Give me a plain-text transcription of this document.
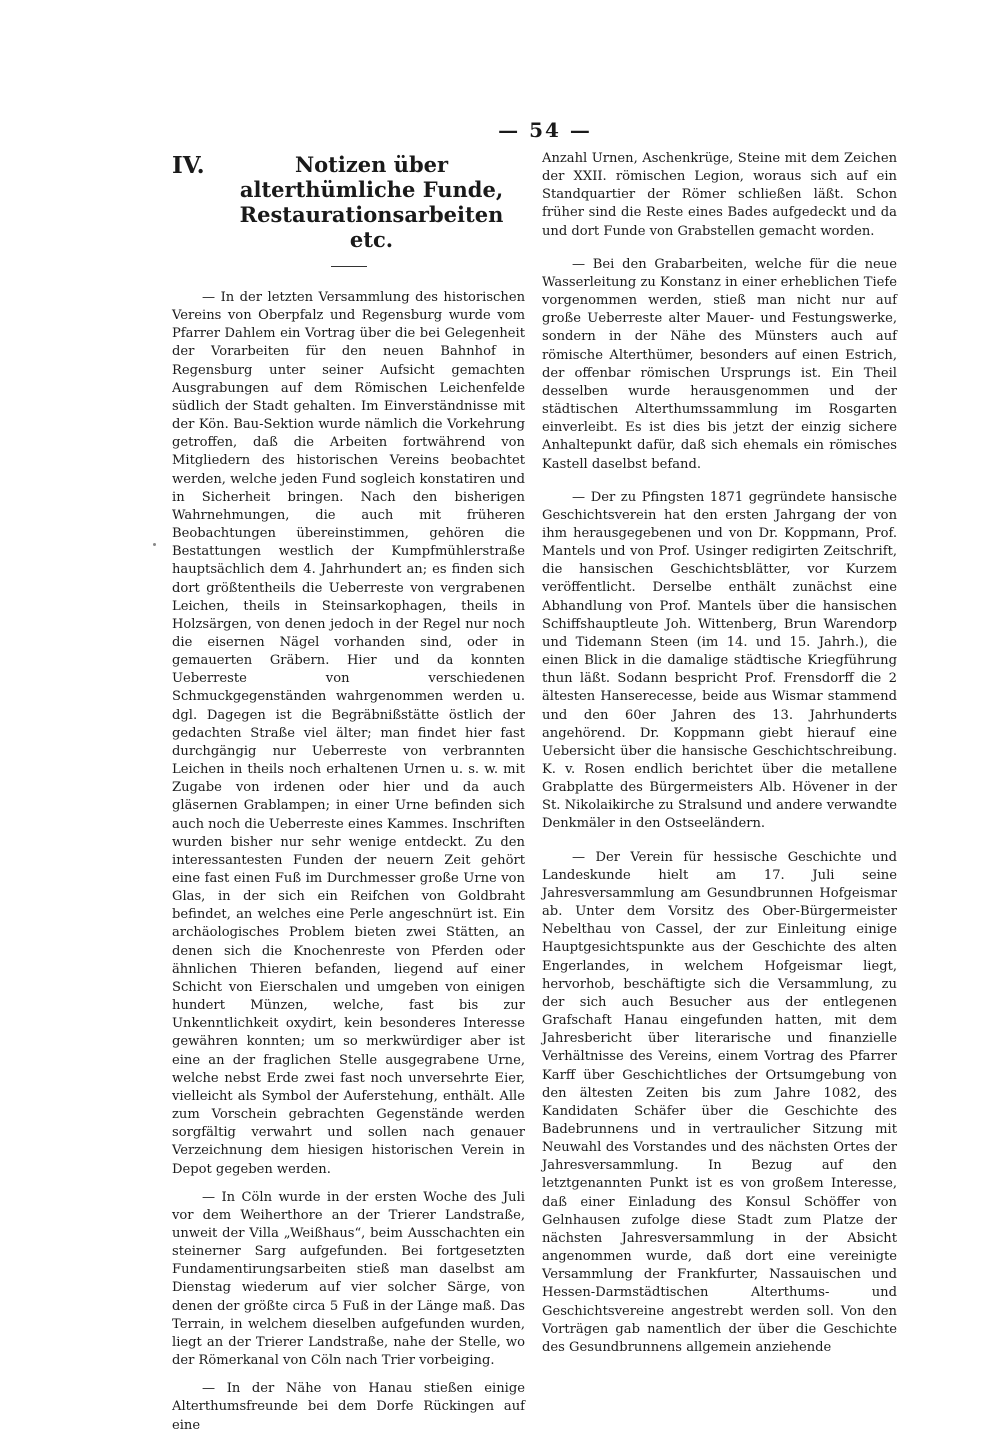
— 54 —
IV.	Notizen über alterthümliche Funde, Restaurationsarbeiten etc.

— In der letzten Versammlung des historischen Vereins von Oberpfalz und Regensburg wurde vom Pfarrer Dahlem ein Vortrag über die bei Gelegenheit der Vorarbeiten für den neuen Bahnhof in Regensburg unter seiner Aufsicht gemachten Ausgrabungen auf dem Römischen Leichenfelde südlich der Stadt gehalten. Im Einverständnisse mit der Kön. Bau-Sektion wurde nämlich die Vorkehrung getroffen, daß die Arbeiten fortwährend von Mitgliedern des historischen Vereins beobachtet werden, welche jeden Fund sogleich konstatiren und in Sicherheit bringen. Nach den bisherigen Wahrnehmungen, die auch mit früheren Beobachtungen übereinstimmen, gehören die Bestattungen westlich der Kumpfmühlerstraße hauptsächlich dem 4. Jahrhundert an; es finden sich dort größtentheils die Ueberreste von vergrabenen Leichen, theils in Steinsarkophagen, theils in Holzsärgen, von denen jedoch in der Regel nur noch die eisernen Nägel vorhanden sind, oder in gemauerten Gräbern. Hier und da konnten Ueberreste von verschiedenen Schmuckgegenständen wahrgenommen werden u. dgl. Dagegen ist die Begräbnißstätte östlich der gedachten Straße viel älter; man findet hier fast durchgängig nur Ueberreste von verbrannten Leichen in theils noch erhaltenen Urnen u. s. w. mit Zugabe von irdenen oder hier und da auch gläsernen Grablampen; in einer Urne befinden sich auch noch die Ueberreste eines Kammes. Inschriften wurden bisher nur sehr wenige entdeckt. Zu den interessantesten Funden der neuern Zeit gehört eine fast einen Fuß im Durchmesser große Urne von Glas, in der sich ein Reifchen von Goldbraht befindet, an welches eine Perle angeschnürt ist. Ein archäologisches Problem bieten zwei Stätten, an denen sich die Knochenreste von Pferden oder ähnlichen Thieren befanden, liegend auf einer Schicht von Eierschalen und umgeben von einigen hundert Münzen, welche, fast bis zur Unkenntlichkeit oxydirt, kein besonderes Interesse gewähren konnten; um so merkwürdiger aber ist eine an der fraglichen Stelle ausgegrabene Urne, welche nebst Erde zwei fast noch unversehrte Eier, vielleicht als Symbol der Auferstehung, enthält. Alle zum Vorschein gebrachten Gegenstände werden sorgfältig verwahrt und sollen nach genauer Verzeichnung dem hiesigen historischen Verein in Depot gegeben werden.

— In Cöln wurde in der ersten Woche des Juli vor dem Weiherthore an der Trierer Landstraße, unweit der Villa „Weißhaus“, beim Ausschachten ein steinerner Sarg aufgefunden. Bei fortgesetzten Fundamentirungsarbeiten stieß man daselbst am Dienstag wiederum auf vier solcher Särge, von denen der größte circa 5 Fuß in der Länge maß. Das Terrain, in welchem dieselben aufgefunden wurden, liegt an der Trierer Landstraße, nahe der Stelle, wo der Römerkanal von Cöln nach Trier vorbeiging.

— In der Nähe von Hanau stießen einige Alterthumsfreunde bei dem Dorfe Rückingen auf eine

Anzahl Urnen, Aschenkrüge, Steine mit dem Zeichen der XXII. römischen Legion, woraus sich auf ein Standquartier der Römer schließen läßt. Schon früher sind die Reste eines Bades aufgedeckt und da und dort Funde von Grabstellen gemacht worden.

— Bei den Grabarbeiten, welche für die neue Wasserleitung zu Konstanz in einer erheblichen Tiefe vorgenommen werden, stieß man nicht nur auf große Ueberreste alter Mauer- und Festungswerke, sondern in der Nähe des Münsters auch auf römische Alterthümer, besonders auf einen Estrich, der offenbar römischen Ursprungs ist. Ein Theil desselben wurde herausgenommen und der städtischen Alterthumssammlung im Rosgarten einverleibt. Es ist dies bis jetzt der einzig sichere Anhaltepunkt dafür, daß sich ehemals ein römisches Kastell daselbst befand.

— Der zu Pfingsten 1871 gegründete hansische Geschichtsverein hat den ersten Jahrgang der von ihm herausgegebenen und von Dr. Koppmann, Prof. Mantels und von Prof. Usinger redigirten Zeitschrift, die hansischen Geschichtsblätter, vor Kurzem veröffentlicht. Derselbe enthält zunächst eine Abhandlung von Prof. Mantels über die hansischen Schiffshauptleute Joh. Wittenberg, Brun Warendorp und Tidemann Steen (im 14. und 15. Jahrh.), die einen Blick in die damalige städtische Kriegführung thun läßt. Sodann bespricht Prof. Frensdorff die 2 ältesten Hanserecesse, beide aus Wismar stammend und den 60er Jahren des 13. Jahrhunderts angehörend. Dr. Koppmann giebt hierauf eine Uebersicht über die hansische Geschichtschreibung. K. v. Rosen endlich berichtet über die metallene Grabplatte des Bürgermeisters Alb. Hövener in der St. Nikolaikirche zu Stralsund und andere verwandte Denkmäler in den Ostseeländern.

— Der Verein für hessische Geschichte und Landeskunde hielt am 17. Juli seine Jahresversammlung am Gesundbrunnen Hofgeismar ab. Unter dem Vorsitz des Ober-Bürgermeister Nebelthau von Cassel, der zur Einleitung einige Hauptgesichtspunkte aus der Geschichte des alten Engerlandes, in welchem Hofgeismar liegt, hervorhob, beschäftigte sich die Versammlung, zu der sich auch Besucher aus der entlegenen Grafschaft Hanau eingefunden hatten, mit dem Jahresbericht über literarische und finanzielle Verhältnisse des Vereins, einem Vortrag des Pfarrer Karff über Geschichtliches der Ortsumgebung von den ältesten Zeiten bis zum Jahre 1082, des Kandidaten Schäfer über die Geschichte des Badebrunnens und in vertraulicher Sitzung mit Neuwahl des Vorstandes und des nächsten Ortes der Jahresversammlung. In Bezug auf den letztgenannten Punkt ist es von großem Interesse, daß einer Einladung des Konsul Schöffer von Gelnhausen zufolge diese Stadt zum Platze der nächsten Jahresversammlung in der Absicht angenommen wurde, daß dort eine vereinigte Versammlung der Frankfurter, Nassauischen und Hessen-Darmstädtischen Alterthums- und Geschichtsvereine angestrebt werden soll. Von den Vorträgen gab namentlich der über die Geschichte des Gesundbrunnens allgemein anziehende
